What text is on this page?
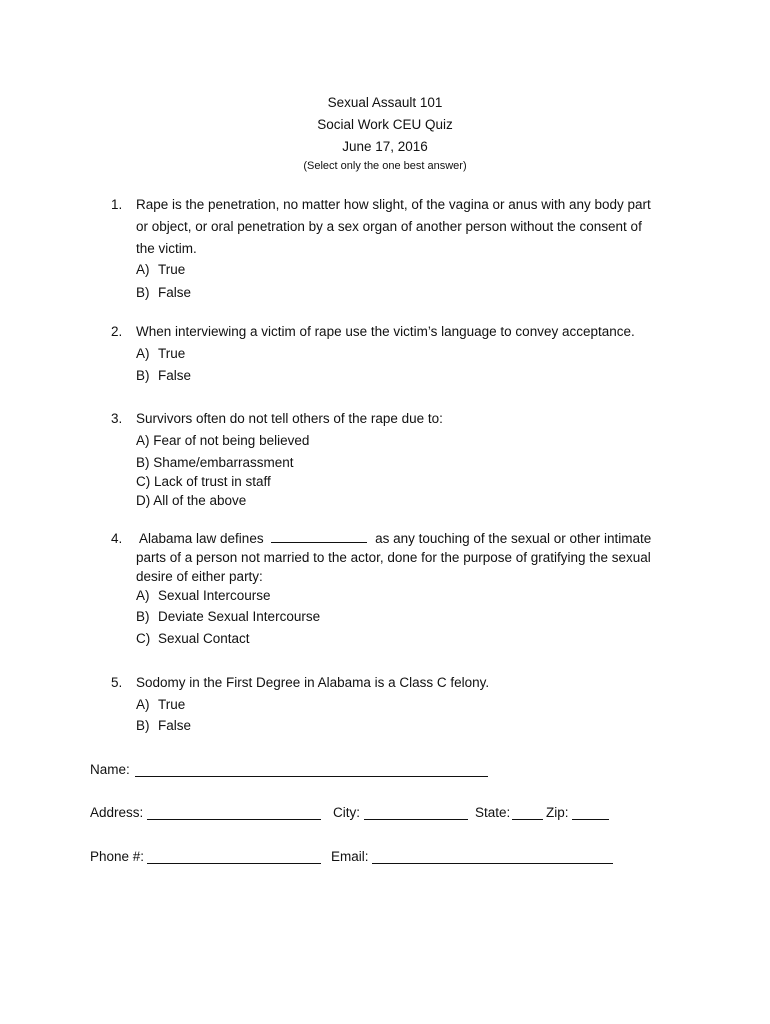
Sexual Assault 101
Social Work CEU Quiz
June 17, 2016
(Select only the one best answer)
1. Rape is the penetration, no matter how slight, of the vagina or anus with any body part
or object, or oral penetration by a sex organ of another person without the consent of
the victim.
A) True
B) False
2. When interviewing a victim of rape use the victim’s language to convey acceptance.
A) True
B) False
3. Survivors often do not tell others of the rape due to:
A) Fear of not being believed
B) Shame/embarrassment
C) Lack of trust in staff
D) All of the above
4. Alabama law defines	as any touching of the sexual or other intimate
parts of a person not married to the actor, done for the purpose of gratifying the sexual
desire of either party:
A) Sexual Intercourse
B) Deviate Sexual Intercourse
C) Sexual Contact
5. Sodomy in the First Degree in Alabama is a Class C felony.
A) True
B) False
Name:
Address:	City:	State:	Zip:
Phone #:	Email:
